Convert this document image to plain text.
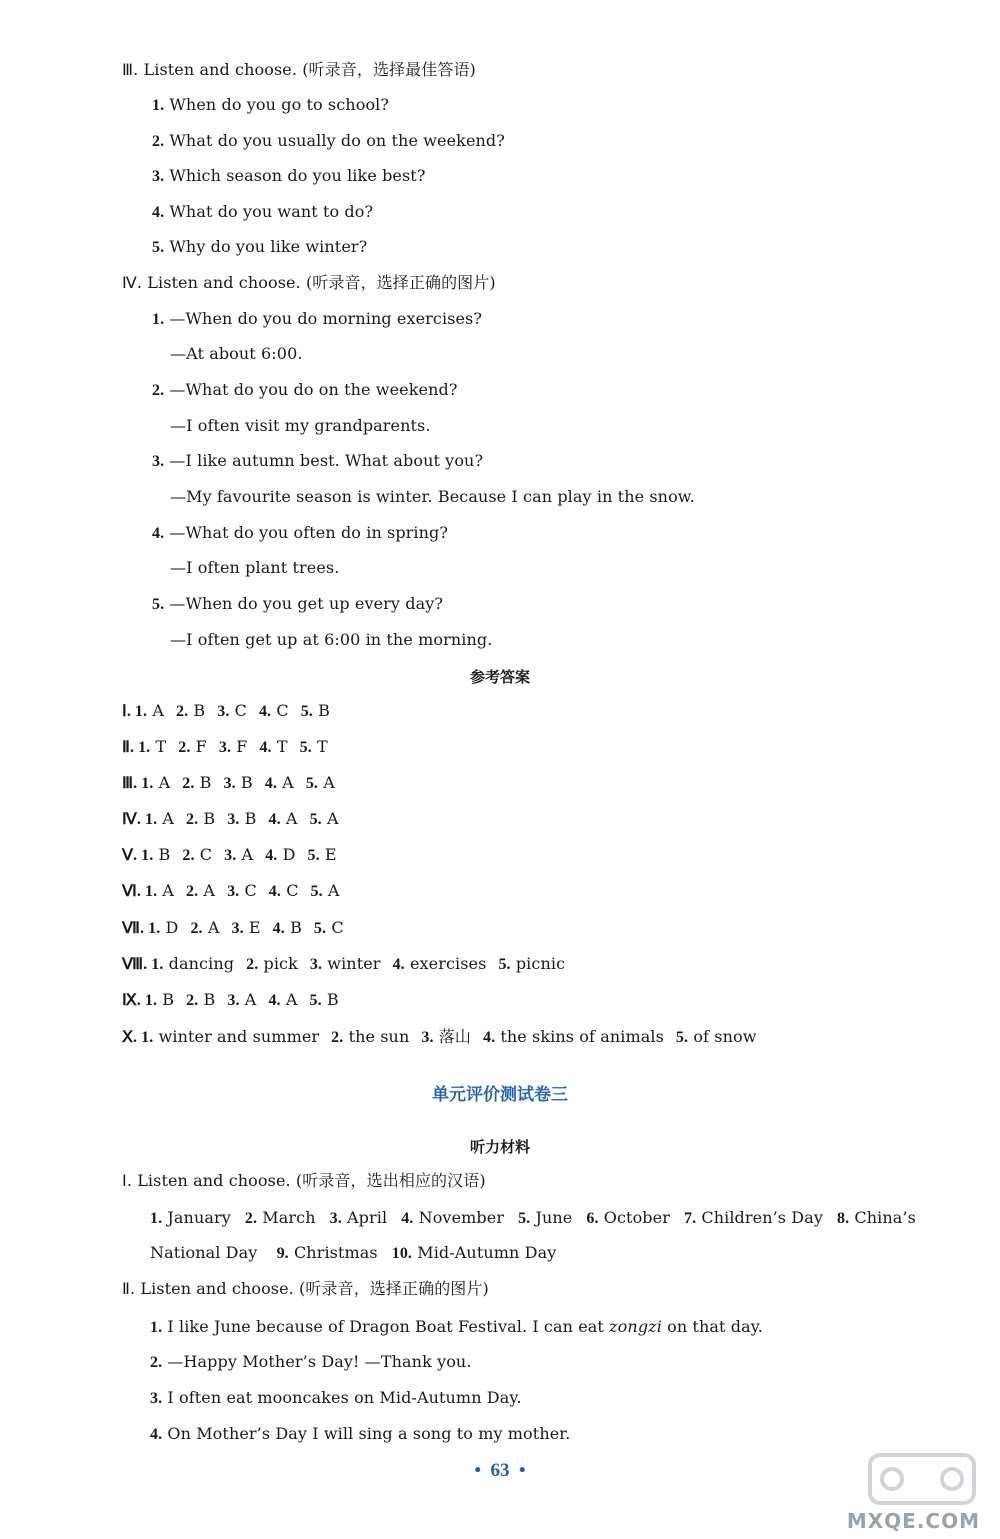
Ⅲ. Listen and choose. (听录音，选择最佳答语)
1. When do you go to school?
2. What do you usually do on the weekend?
3. Which season do you like best?
4. What do you want to do?
5. Why do you like winter?
Ⅳ. Listen and choose. (听录音，选择正确的图片)
1. —When do you do morning exercises?
—At about 6:00.
2. —What do you do on the weekend?
—I often visit my grandparents.
3. —I like autumn best. What about you?
—My favourite season is winter. Because I can play in the snow.
4. —What do you often do in spring?
—I often plant trees.
5. —When do you get up every day?
—I often get up at 6:00 in the morning.
参考答案
Ⅰ. 1. A 2. B 3. C 4. C 5. B
Ⅱ. 1. T 2. F 3. F 4. T 5. T
Ⅲ. 1. A 2. B 3. B 4. A 5. A
Ⅳ. 1. A 2. B 3. B 4. A 5. A
Ⅴ. 1. B 2. C 3. A 4. D 5. E
Ⅵ. 1. A 2. A 3. C 4. C 5. A
Ⅶ. 1. D 2. A 3. E 4. B 5. C
Ⅷ. 1. dancing 2. pick 3. winter 4. exercises 5. picnic
Ⅸ. 1. B 2. B 3. A 4. A 5. B
Ⅹ. 1. winter and summer 2. the sun 3. 落山 4. the skins of animals 5. of snow
单元评价测试卷三
听力材料
Ⅰ. Listen and choose. (听录音，选出相应的汉语)
1. January 2. March 3. April 4. November 5. June 6. October 7. Children’s Day 8. China’s
National Day 9. Christmas 10. Mid-Autumn Day
Ⅱ. Listen and choose. (听录音，选择正确的图片)
1. I like June because of Dragon Boat Festival. I can eat zongzi on that day.
2. —Happy Mother’s Day! —Thank you.
3. I often eat mooncakes on Mid-Autumn Day.
4. On Mother’s Day I will sing a song to my mother.
• 63 •
MXQE.COM
